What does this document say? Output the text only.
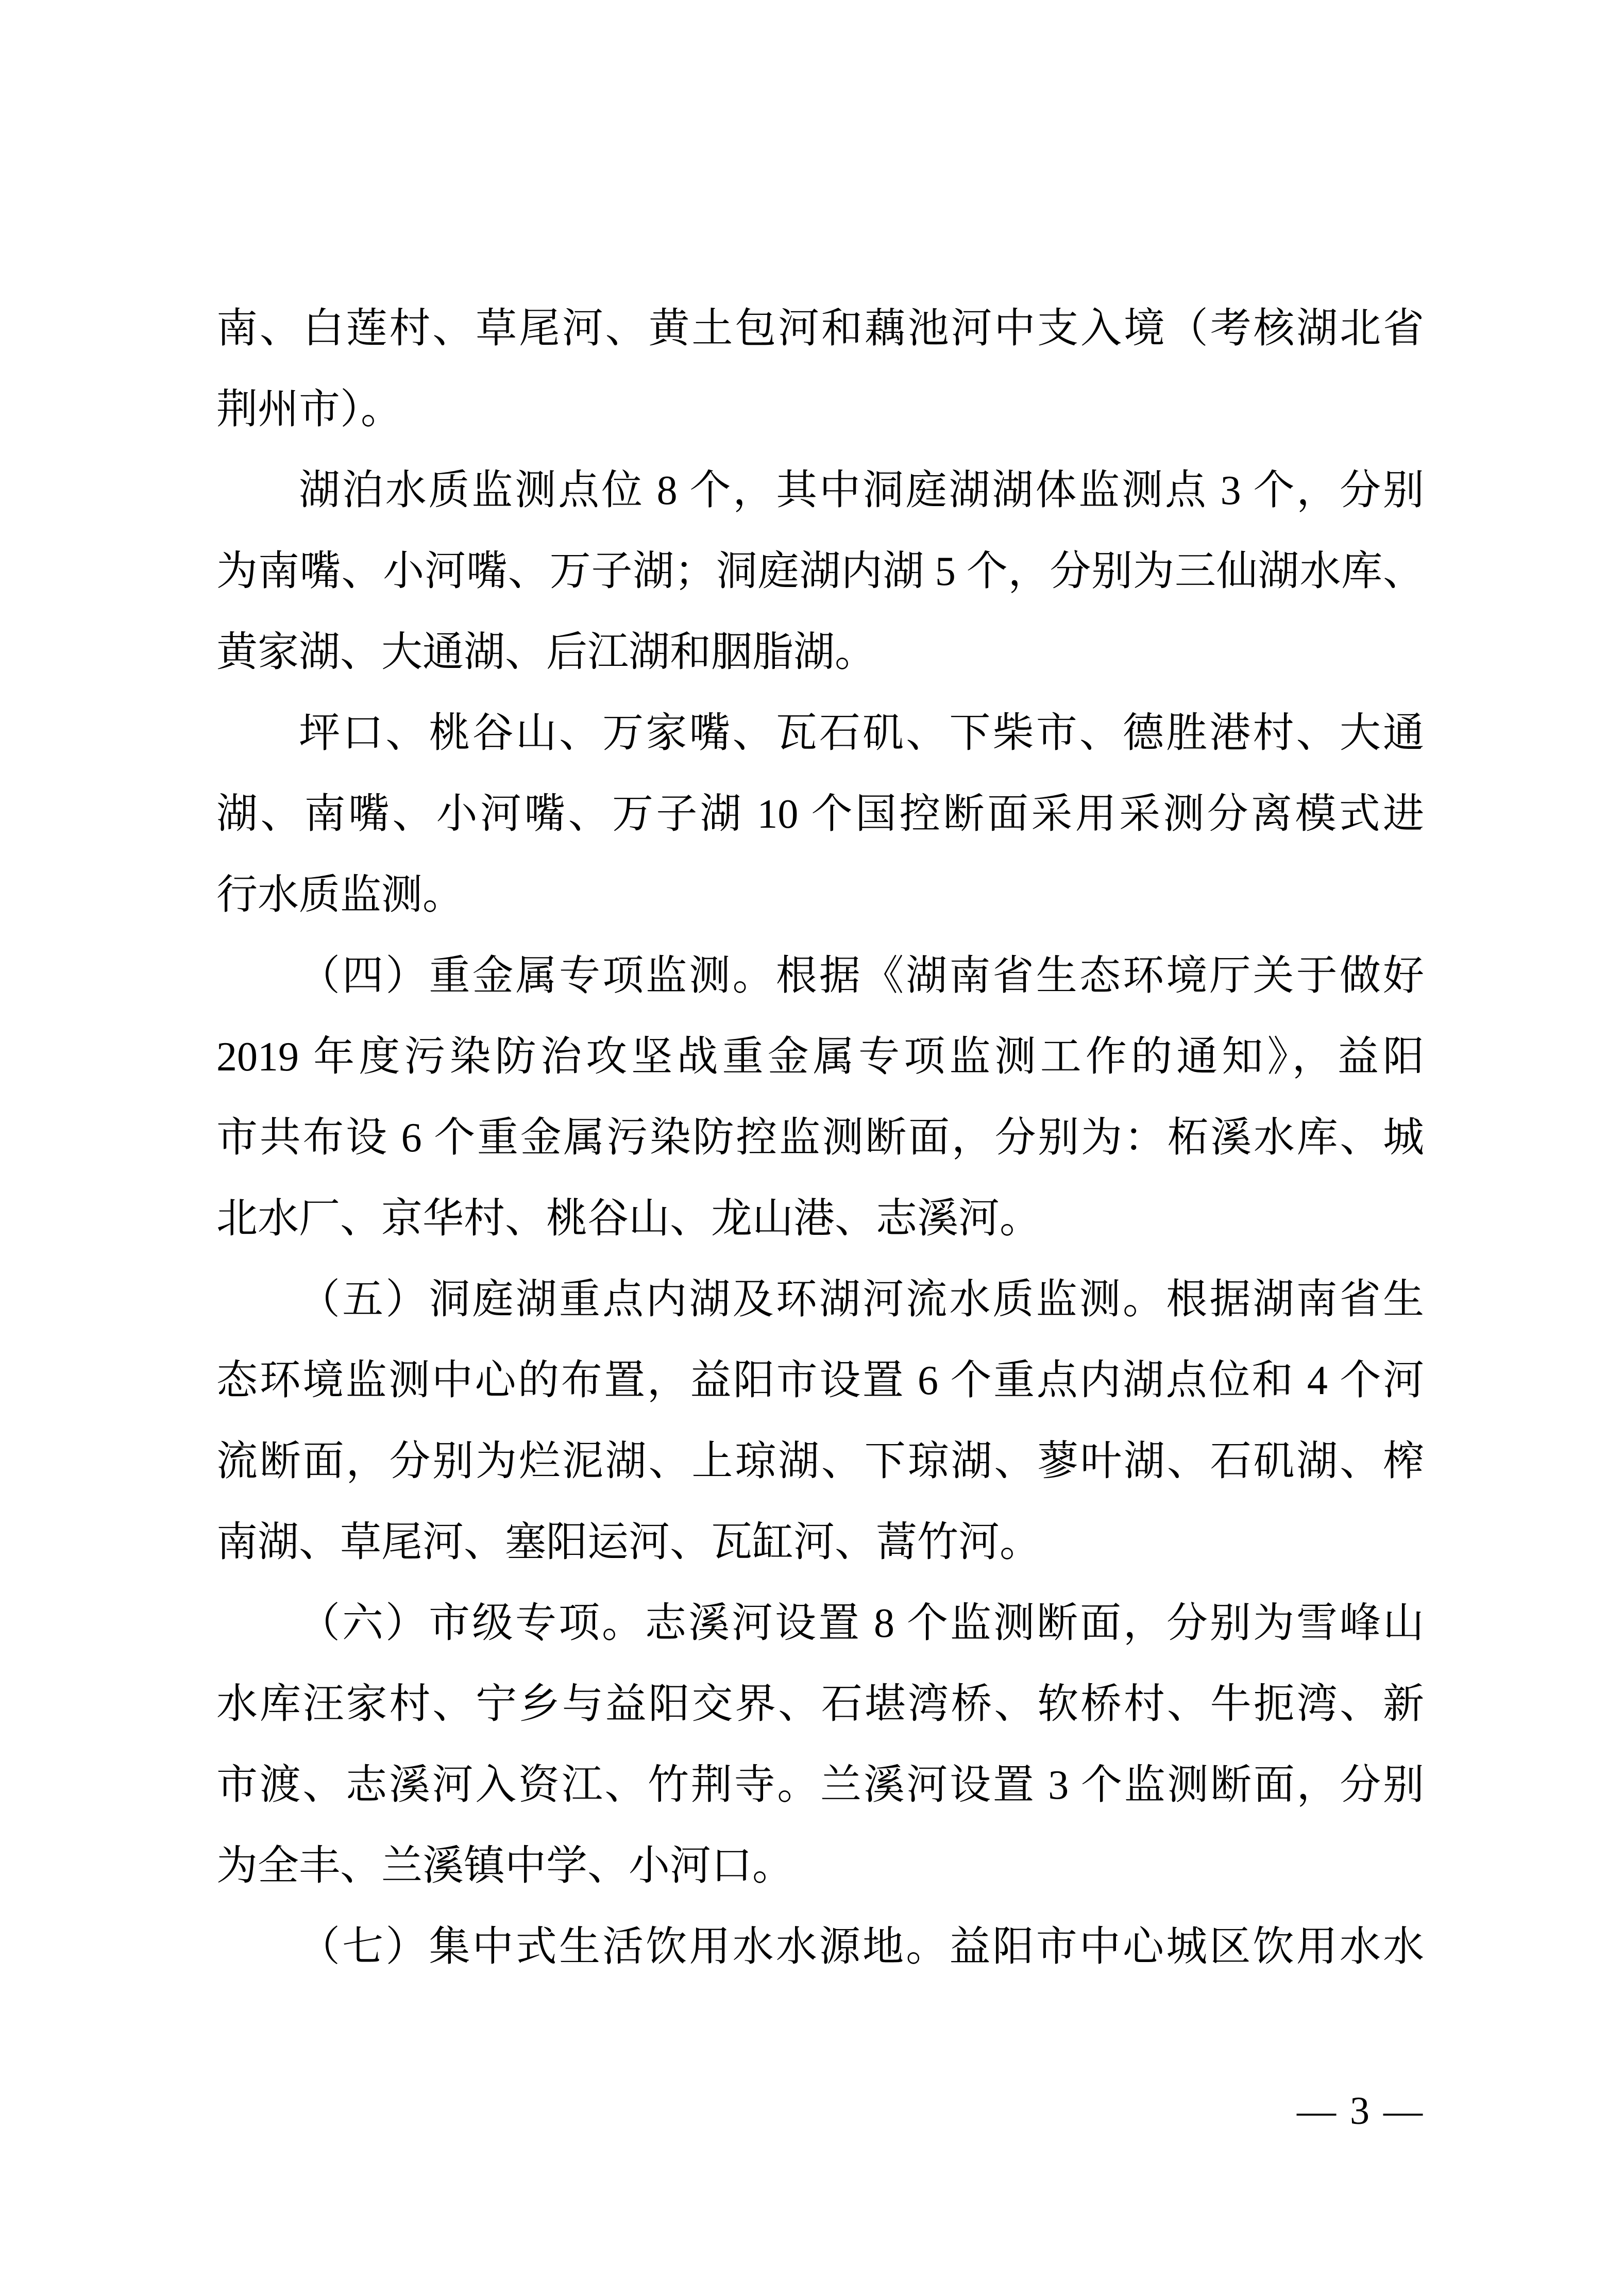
南、白莲村、草尾河、黄土包河和藕池河中支入境（考核湖北省

荆州市）。

湖泊水质监测点位 8 个，其中洞庭湖湖体监测点 3 个，分别

为南嘴、小河嘴、万子湖；洞庭湖内湖 5 个，分别为三仙湖水库、

黄家湖、大通湖、后江湖和胭脂湖。

坪口、桃谷山、万家嘴、瓦石矶、下柴市、德胜港村、大通

湖、南嘴、小河嘴、万子湖 10 个国控断面采用采测分离模式进

行水质监测。

（四）重金属专项监测。根据《湖南省生态环境厅关于做好

2019 年度污染防治攻坚战重金属专项监测工作的通知》，益阳

市共布设 6 个重金属污染防控监测断面，分别为：柘溪水库、城

北水厂、京华村、桃谷山、龙山港、志溪河。

（五）洞庭湖重点内湖及环湖河流水质监测。根据湖南省生

态环境监测中心的布置，益阳市设置 6 个重点内湖点位和 4 个河

流断面，分别为烂泥湖、上琼湖、下琼湖、蓼叶湖、石矶湖、榨

南湖、草尾河、塞阳运河、瓦缸河、蒿竹河。

（六）市级专项。志溪河设置 8 个监测断面，分别为雪峰山

水库汪家村、宁乡与益阳交界、石堪湾桥、软桥村、牛扼湾、新

市渡、志溪河入资江、竹荆寺。兰溪河设置 3 个监测断面，分别

为全丰、兰溪镇中学、小河口。

（七）集中式生活饮用水水源地。益阳市中心城区饮用水水

— 3 —
